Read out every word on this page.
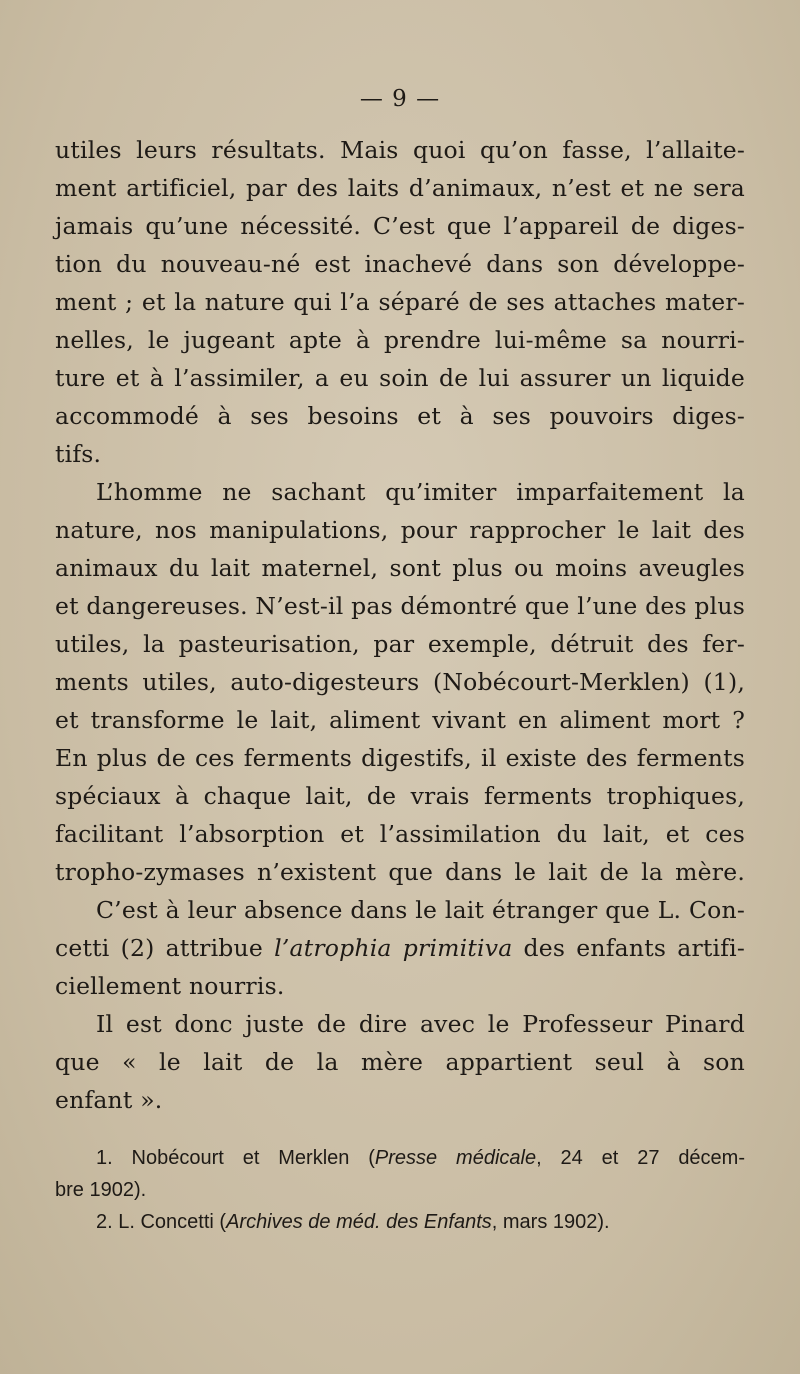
— 9 —
utiles leurs résultats. Mais quoi qu’on fasse, l’allaite-
ment artificiel, par des laits d’animaux, n’est et ne sera
jamais qu’une nécessité. C’est que l’appareil de diges-
tion du nouveau-né est inachevé dans son développe-
ment ; et la nature qui l’a séparé de ses attaches mater-
nelles, le jugeant apte à prendre lui-même sa nourri-
ture et à l’assimiler, a eu soin de lui assurer un liquide
accommodé à ses besoins et à ses pouvoirs diges-
tifs.
L’homme ne sachant qu’imiter imparfaitement la
nature, nos manipulations, pour rapprocher le lait des
animaux du lait maternel, sont plus ou moins aveugles
et dangereuses. N’est-il pas démontré que l’une des plus
utiles, la pasteurisation, par exemple, détruit des fer-
ments utiles, auto-digesteurs (Nobécourt-Merklen) (1),
et transforme le lait, aliment vivant en aliment mort ?
En plus de ces ferments digestifs, il existe des ferments
spéciaux à chaque lait, de vrais ferments trophiques,
facilitant l’absorption et l’assimilation du lait, et ces
tropho-zymases n’existent que dans le lait de la mère.
C’est à leur absence dans le lait étranger que L. Con-
cetti (2) attribue l’atrophia primitiva des enfants artifi-
ciellement nourris.
Il est donc juste de dire avec le Professeur Pinard
que « le lait de la mère appartient seul à son
enfant ».
1. Nobécourt et Merklen (Presse médicale, 24 et 27 décem-
bre 1902).
2. L. Concetti (Archives de méd. des Enfants, mars 1902).
